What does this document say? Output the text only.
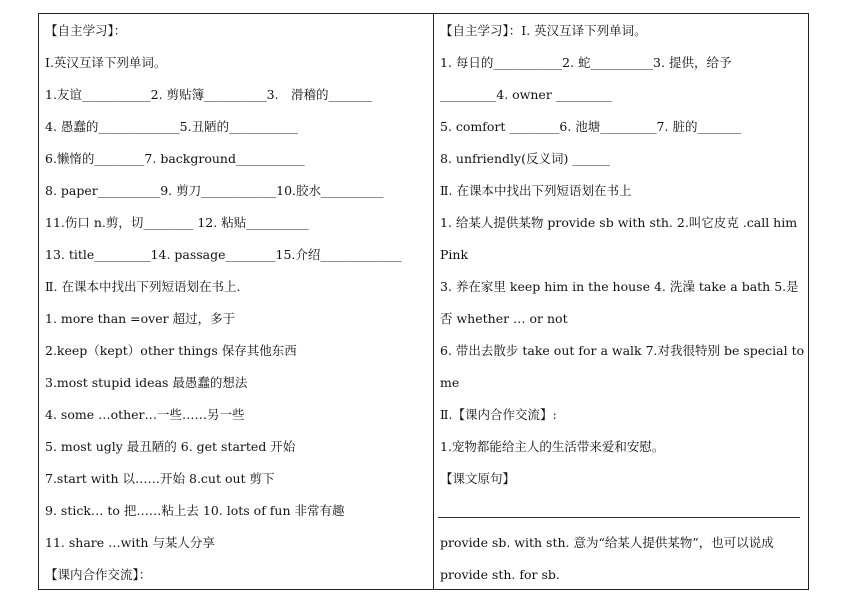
【自主学习】：
Ⅰ.英汉互译下列单词。
1.友谊___________2. 剪贴簿__________3.　滑稽的_______
4. 愚蠢的_____________5.丑陋的___________
6.懒惰的________7. background___________
8. paper__________9. 剪刀____________10.胶水__________
11.伤口 n.剪，切________ 12. 粘贴__________
13. title_________14. passage________15.介绍_____________
Ⅱ. 在课本中找出下列短语划在书上.
1. more than =over 超过，多于
2.keep（kept）other things 保存其他东西
3.most stupid ideas 最愚蠢的想法
4. some …other…一些……另一些
5. most ugly 最丑陋的 6. get started 开始
7.start with 以……开始 8.cut out 剪下
9. stick… to 把……粘上去 10. lots of fun 非常有趣
11. share …with 与某人分享
【课内合作交流】：
【自主学习】：Ⅰ. 英汉互译下列单词。
1. 每日的___________2. 蛇__________3. 提供，给予
_________4. owner _________
5. comfort ________6. 池塘_________7. 脏的_______
8. unfriendly(反义词) ______
Ⅱ. 在课本中找出下列短语划在书上
1. 给某人提供某物 provide sb with sth. 2.叫它皮克 .call him
Pink
3. 养在家里 keep him in the house 4. 洗澡 take a bath 5.是
否 whether … or not
6. 带出去散步 take out for a walk 7.对我很特别 be special to
me
Ⅱ.【课内合作交流】:
1.宠物都能给主人的生活带来爱和安慰。
【课文原句】
provide sb. with sth. 意为“给某人提供某物”，也可以说成
provide sth. for sb.
